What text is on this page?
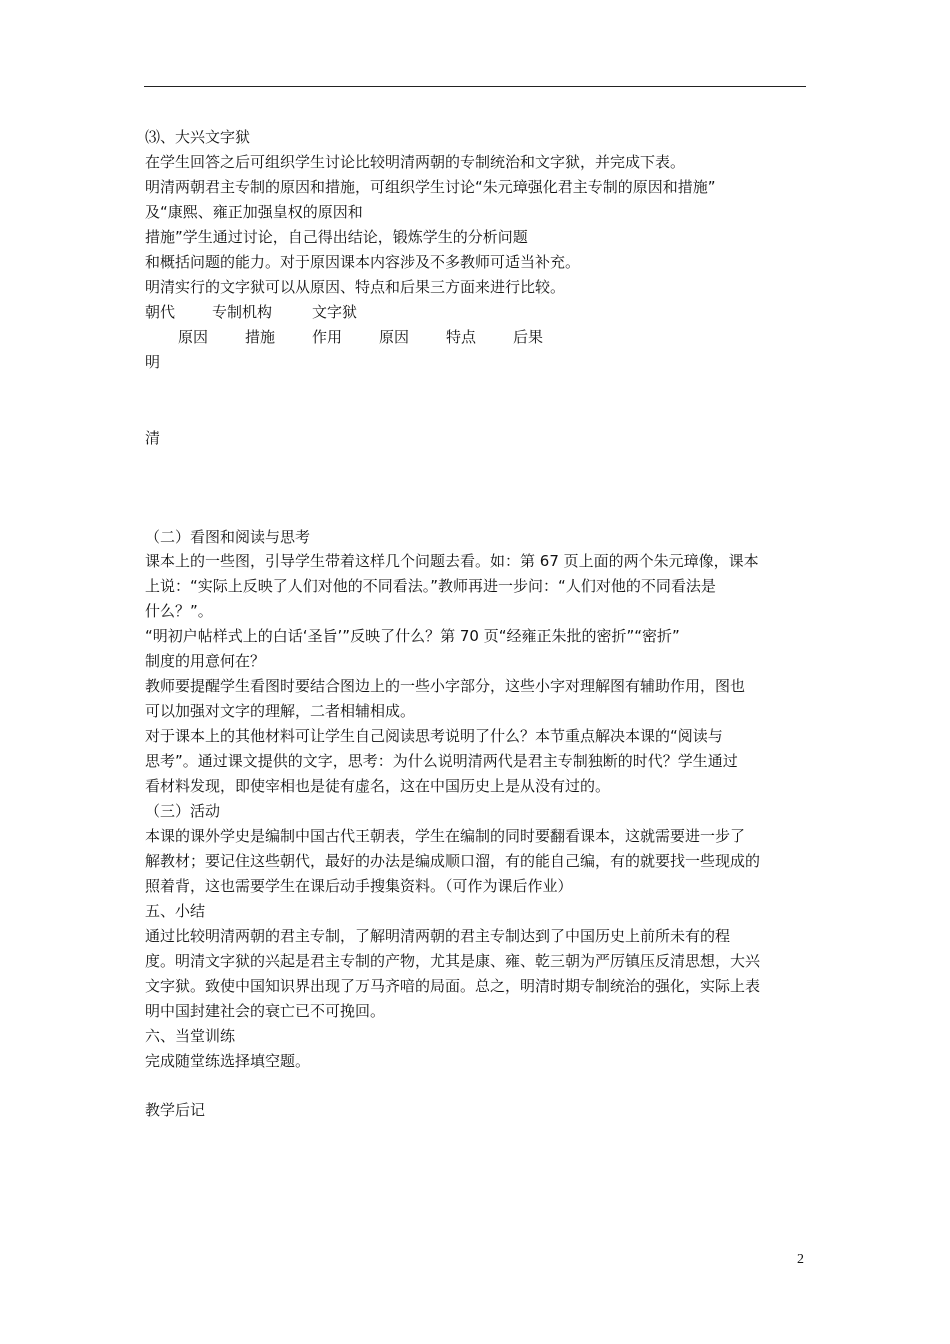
⑶、大兴文字狱
在学生回答之后可组织学生讨论比较明清两朝的专制统治和文字狱，并完成下表。
明清两朝君主专制的原因和措施，可组织学生讨论“朱元璋强化君主专制的原因和措施”
及“康熙、雍正加强皇权的原因和
措施”学生通过讨论，自己得出结论，锻炼学生的分析问题
和概括问题的能力。对于原因课本内容涉及不多教师可适当补充。
明清实行的文字狱可以从原因、特点和后果三方面来进行比较。
朝代 专制机构	文字狱
原因 措施 作用 原因 特点 后果
明
清
（二）看图和阅读与思考
课本上的一些图，引导学生带着这样几个问题去看。如：第 67 页上面的两个朱元璋像，课本
上说：“实际上反映了人们对他的不同看法。”教师再进一步问：“人们对他的不同看法是
什么？”。
“明初户帖样式上的白话‘圣旨’”反映了什么？第 70 页“经雍正朱批的密折”“密折”
制度的用意何在？
教师要提醒学生看图时要结合图边上的一些小字部分，这些小字对理解图有辅助作用，图也
可以加强对文字的理解，二者相辅相成。
对于课本上的其他材料可让学生自己阅读思考说明了什么？本节重点解决本课的“阅读与
思考”。通过课文提供的文字，思考：为什么说明清两代是君主专制独断的时代？学生通过
看材料发现，即使宰相也是徒有虚名，这在中国历史上是从没有过的。
（三）活动
本课的课外学史是编制中国古代王朝表，学生在编制的同时要翻看课本，这就需要进一步了
解教材；要记住这些朝代，最好的办法是编成顺口溜，有的能自己编，有的就要找一些现成的
照着背，这也需要学生在课后动手搜集资料。（可作为课后作业）
五、小结
通过比较明清两朝的君主专制，了解明清两朝的君主专制达到了中国历史上前所未有的程
度。明清文字狱的兴起是君主专制的产物，尤其是康、雍、乾三朝为严厉镇压反清思想，大兴
文字狱。致使中国知识界出现了万马齐喑的局面。总之，明清时期专制统治的强化，实际上表
明中国封建社会的衰亡已不可挽回。
六、当堂训练
完成随堂练选择填空题。
教学后记
2
